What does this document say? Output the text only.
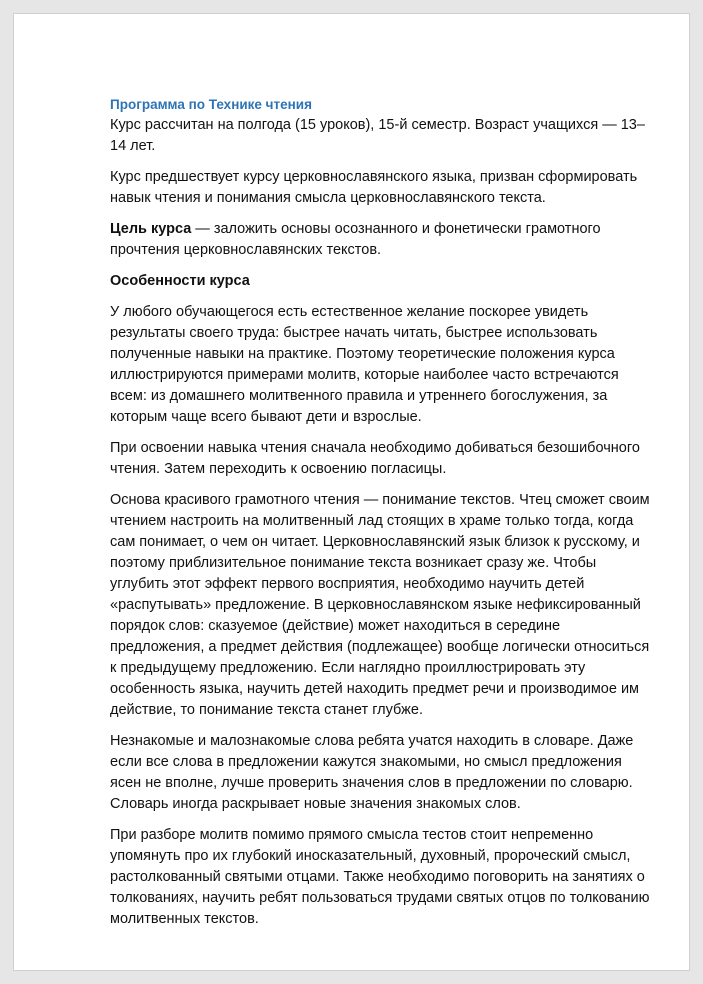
Программа по Технике чтения

Курс рассчитан на полгода (15 уроков), 15-й семестр. Возраст учащихся — 13–14 лет.

Курс предшествует курсу церковнославянского языка, призван сформировать навык чтения и понимания смысла церковнославянского текста.

Цель курса — заложить основы осознанного и фонетически грамотного прочтения церковнославянских текстов.

Особенности курса

У любого обучающегося есть естественное желание поскорее увидеть результаты своего труда: быстрее начать читать, быстрее использовать полученные навыки на практике. Поэтому теоретические положения курса иллюстрируются примерами молитв, которые наиболее часто встречаются всем: из домашнего молитвенного правила и утреннего богослужения, за которым чаще всего бывают дети и взрослые.

При освоении навыка чтения сначала необходимо добиваться безошибочного чтения. Затем переходить к освоению погласицы.

Основа красивого грамотного чтения — понимание текстов. Чтец сможет своим чтением настроить на молитвенный лад стоящих в храме только тогда, когда сам понимает, о чем он читает. Церковнославянский язык близок к русскому, и поэтому приблизительное понимание текста возникает сразу же. Чтобы углубить этот эффект первого восприятия, необходимо научить детей «распутывать» предложение. В церковнославянском языке нефиксированный порядок слов: сказуемое (действие) может находиться в середине предложения, а предмет действия (подлежащее) вообще логически относиться к предыдущему предложению. Если наглядно проиллюстрировать эту особенность языка, научить детей находить предмет речи и производимое им действие, то понимание текста станет глубже.

Незнакомые и малознакомые слова ребята учатся находить в словаре. Даже если все слова в предложении кажутся знакомыми, но смысл предложения ясен не вполне, лучше проверить значения слов в предложении по словарю. Словарь иногда раскрывает новые значения знакомых слов.

При разборе молитв помимо прямого смысла тестов стоит непременно упомянуть про их глубокий иносказательный, духовный, пророческий смысл, растолкованный святыми отцами. Также необходимо поговорить на занятиях о толкованиях, научить ребят пользоваться трудами святых отцов по толкованию молитвенных текстов.
